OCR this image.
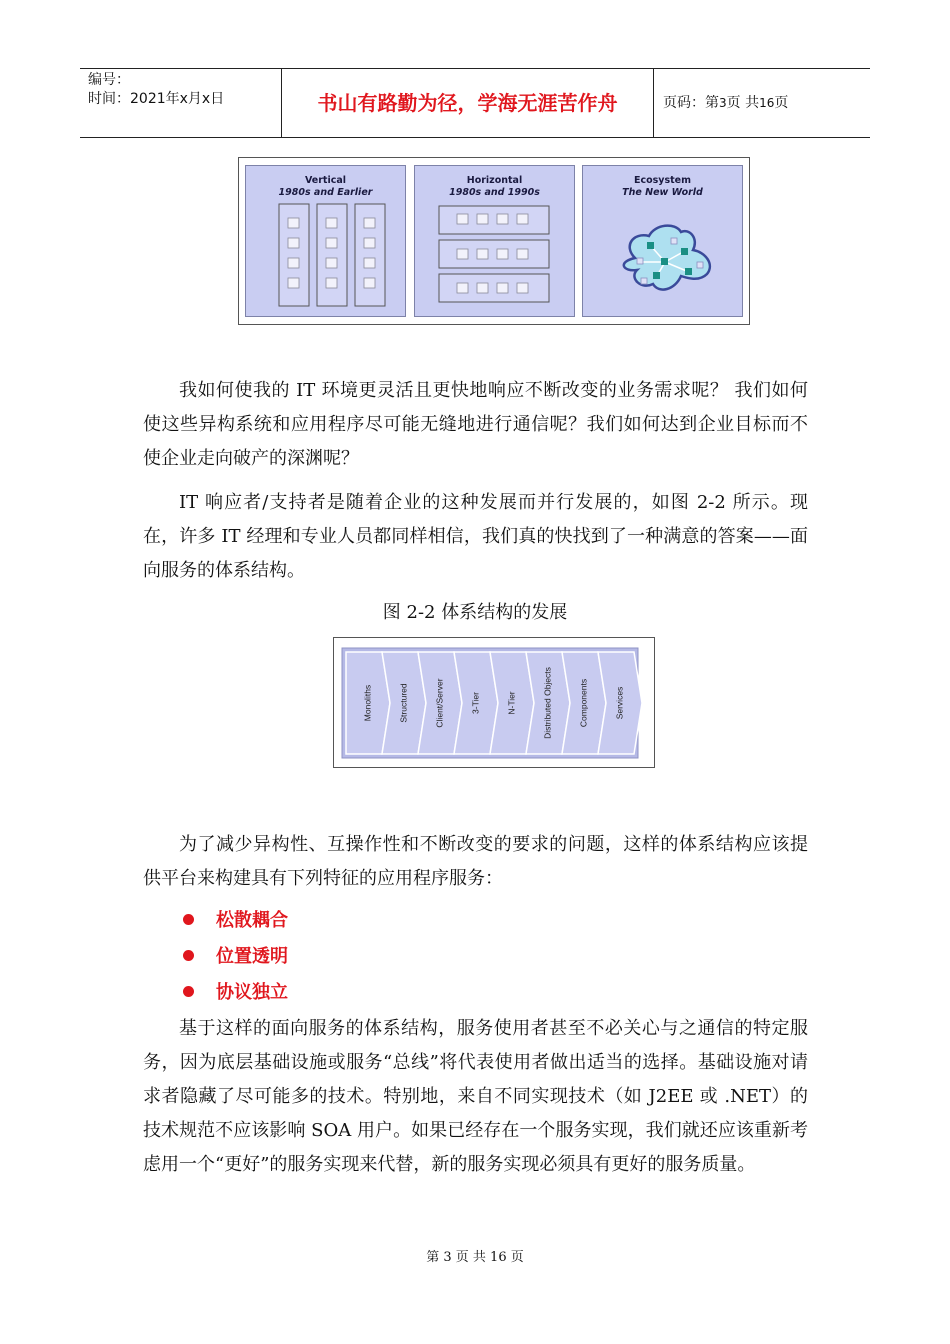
编号：
时间：2021年x月x日	书山有路勤为径，学海无涯苦作舟	页码：第3页 共16页
Vertical
1980s and Earlier
Horizontal
1980s and 1990s
Ecosystem
The New World
我如何使我的 IT 环境更灵活且更快地响应不断改变的业务需求呢？ 我们如何使这些异构系统和应用程序尽可能无缝地进行通信呢？我们如何达到企业目标而不使企业走向破产的深渊呢？
IT 响应者/支持者是随着企业的这种发展而并行发展的，如图 2-2 所示。现在，许多 IT 经理和专业人员都同样相信，我们真的快找到了一种满意的答案——面向服务的体系结构。
图 2-2 体系结构的发展
Monoliths	Structured	Client/Server	3-Tier	N-Tier	Distributed Objects	Components	Services
为了减少异构性、互操作性和不断改变的要求的问题，这样的体系结构应该提供平台来构建具有下列特征的应用程序服务：
松散耦合
位置透明
协议独立
基于这样的面向服务的体系结构，服务使用者甚至不必关心与之通信的特定服务，因为底层基础设施或服务“总线”将代表使用者做出适当的选择。基础设施对请求者隐藏了尽可能多的技术。特别地，来自不同实现技术（如 J2EE 或 .NET）的技术规范不应该影响 SOA 用户。如果已经存在一个服务实现，我们就还应该重新考虑用一个“更好”的服务实现来代替，新的服务实现必须具有更好的服务质量。
第 3 页 共 16 页
